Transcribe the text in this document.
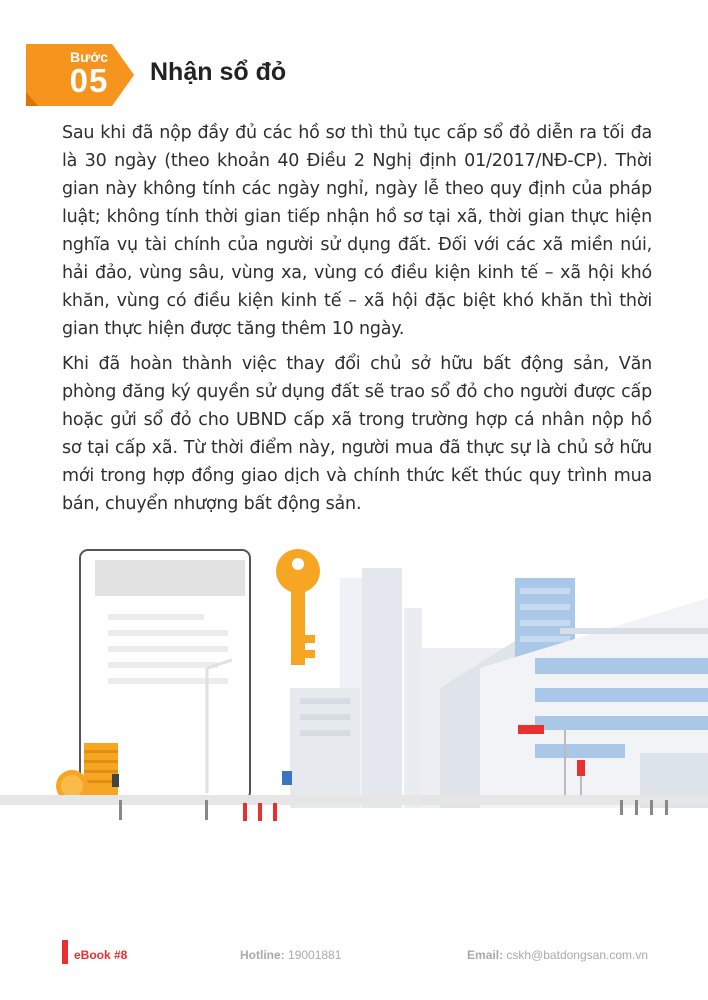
Bước
05	Nhận sổ đỏ

Sau khi đã nộp đầy đủ các hồ sơ thì thủ tục cấp sổ đỏ diễn ra tối đa là 30 ngày (theo khoản 40 Điều 2 Nghị định 01/2017/NĐ-CP). Thời gian này không tính các ngày nghỉ, ngày lễ theo quy định của pháp luật; không tính thời gian tiếp nhận hồ sơ tại xã, thời gian thực hiện nghĩa vụ tài chính của người sử dụng đất. Đối với các xã miền núi, hải đảo, vùng sâu, vùng xa, vùng có điều kiện kinh tế – xã hội khó khăn, vùng có điều kiện kinh tế – xã hội đặc biệt khó khăn thì thời gian thực hiện được tăng thêm 10 ngày.

Khi đã hoàn thành việc thay đổi chủ sở hữu bất động sản, Văn phòng đăng ký quyền sử dụng đất sẽ trao sổ đỏ cho người được cấp hoặc gửi sổ đỏ cho UBND cấp xã trong trường hợp cá nhân nộp hồ sơ tại cấp xã. Từ thời điểm này, người mua đã thực sự là chủ sở hữu mới trong hợp đồng giao dịch và chính thức kết thúc quy trình mua bán, chuyển nhượng bất động sản.

eBook #8	Hotline: 19001881	Email: cskh@batdongsan.com.vn
